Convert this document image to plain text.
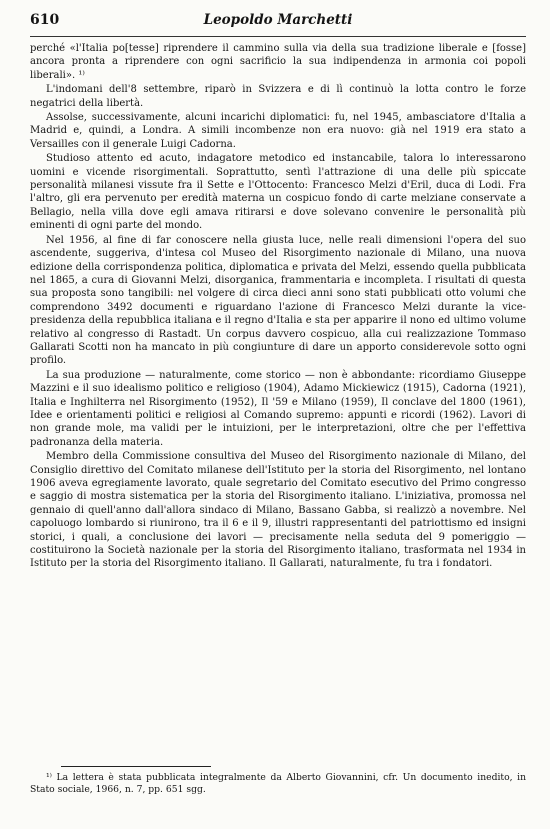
610	Leopoldo Marchetti

perché «l'Italia po[tesse] riprendere il cammino sulla via della sua tradizione liberale e [fosse] ancora pronta a riprendere con ogni sacrificio la sua indipendenza in armonia coi popoli liberali». ¹⁾

L'indomani dell'8 settembre, riparò in Svizzera e di lì continuò la lotta contro le forze negatrici della libertà.

Assolse, successivamente, alcuni incarichi diplomatici: fu, nel 1945, ambasciatore d'Italia a Madrid e, quindi, a Londra. A simili incombenze non era nuovo: già nel 1919 era stato a Versailles con il generale Luigi Cadorna.

Studioso attento ed acuto, indagatore metodico ed instancabile, talora lo interessarono uomini e vicende risorgimentali. Soprattutto, sentì l'attrazione di una delle più spiccate personalità milanesi vissute fra il Sette e l'Ottocento: Francesco Melzi d'Eril, duca di Lodi. Fra l'altro, gli era pervenuto per eredità materna un cospicuo fondo di carte melziane conservate a Bellagio, nella villa dove egli amava ritirarsi e dove solevano convenire le personalità più eminenti di ogni parte del mondo.

Nel 1956, al fine di far conoscere nella giusta luce, nelle reali dimensioni l'opera del suo ascendente, suggeriva, d'intesa col Museo del Risorgimento nazionale di Milano, una nuova edizione della corrispondenza politica, diplomatica e privata del Melzi, essendo quella pubblicata nel 1865, a cura di Giovanni Melzi, disorganica, frammentaria e incompleta. I risultati di questa sua proposta sono tangibili: nel volgere di circa dieci anni sono stati pubblicati otto volumi che comprendono 3492 documenti e riguardano l'azione di Francesco Melzi durante la vice-presidenza della repubblica italiana e il regno d'Italia e sta per apparire il nono ed ultimo volume relativo al congresso di Rastadt. Un corpus davvero cospicuo, alla cui realizzazione Tommaso Gallarati Scotti non ha mancato in più congiunture di dare un apporto considerevole sotto ogni profilo.

La sua produzione — naturalmente, come storico — non è abbondante: ricordiamo Giuseppe Mazzini e il suo idealismo politico e religioso (1904), Adamo Mickiewicz (1915), Cadorna (1921), Italia e Inghilterra nel Risorgimento (1952), Il '59 e Milano (1959), Il conclave del 1800 (1961), Idee e orientamenti politici e religiosi al Comando supremo: appunti e ricordi (1962). Lavori di non grande mole, ma validi per le intuizioni, per le interpretazioni, oltre che per l'effettiva padronanza della materia.

Membro della Commissione consultiva del Museo del Risorgimento nazionale di Milano, del Consiglio direttivo del Comitato milanese dell'Istituto per la storia del Risorgimento, nel lontano 1906 aveva egregiamente lavorato, quale segretario del Comitato esecutivo del Primo congresso e saggio di mostra sistematica per la storia del Risorgimento italiano. L'iniziativa, promossa nel gennaio di quell'anno dall'allora sindaco di Milano, Bassano Gabba, si realizzò a novembre. Nel capoluogo lombardo si riunirono, tra il 6 e il 9, illustri rappresentanti del patriottismo ed insigni storici, i quali, a conclusione dei lavori — precisamente nella seduta del 9 pomeriggio — costituirono la Società nazionale per la storia del Risorgimento italiano, trasformata nel 1934 in Istituto per la storia del Risorgimento italiano. Il Gallarati, naturalmente, fu tra i fondatori.

¹⁾ La lettera è stata pubblicata integralmente da Alberto Giovannini, cfr. Un documento inedito, in Stato sociale, 1966, n. 7, pp. 651 sgg.
